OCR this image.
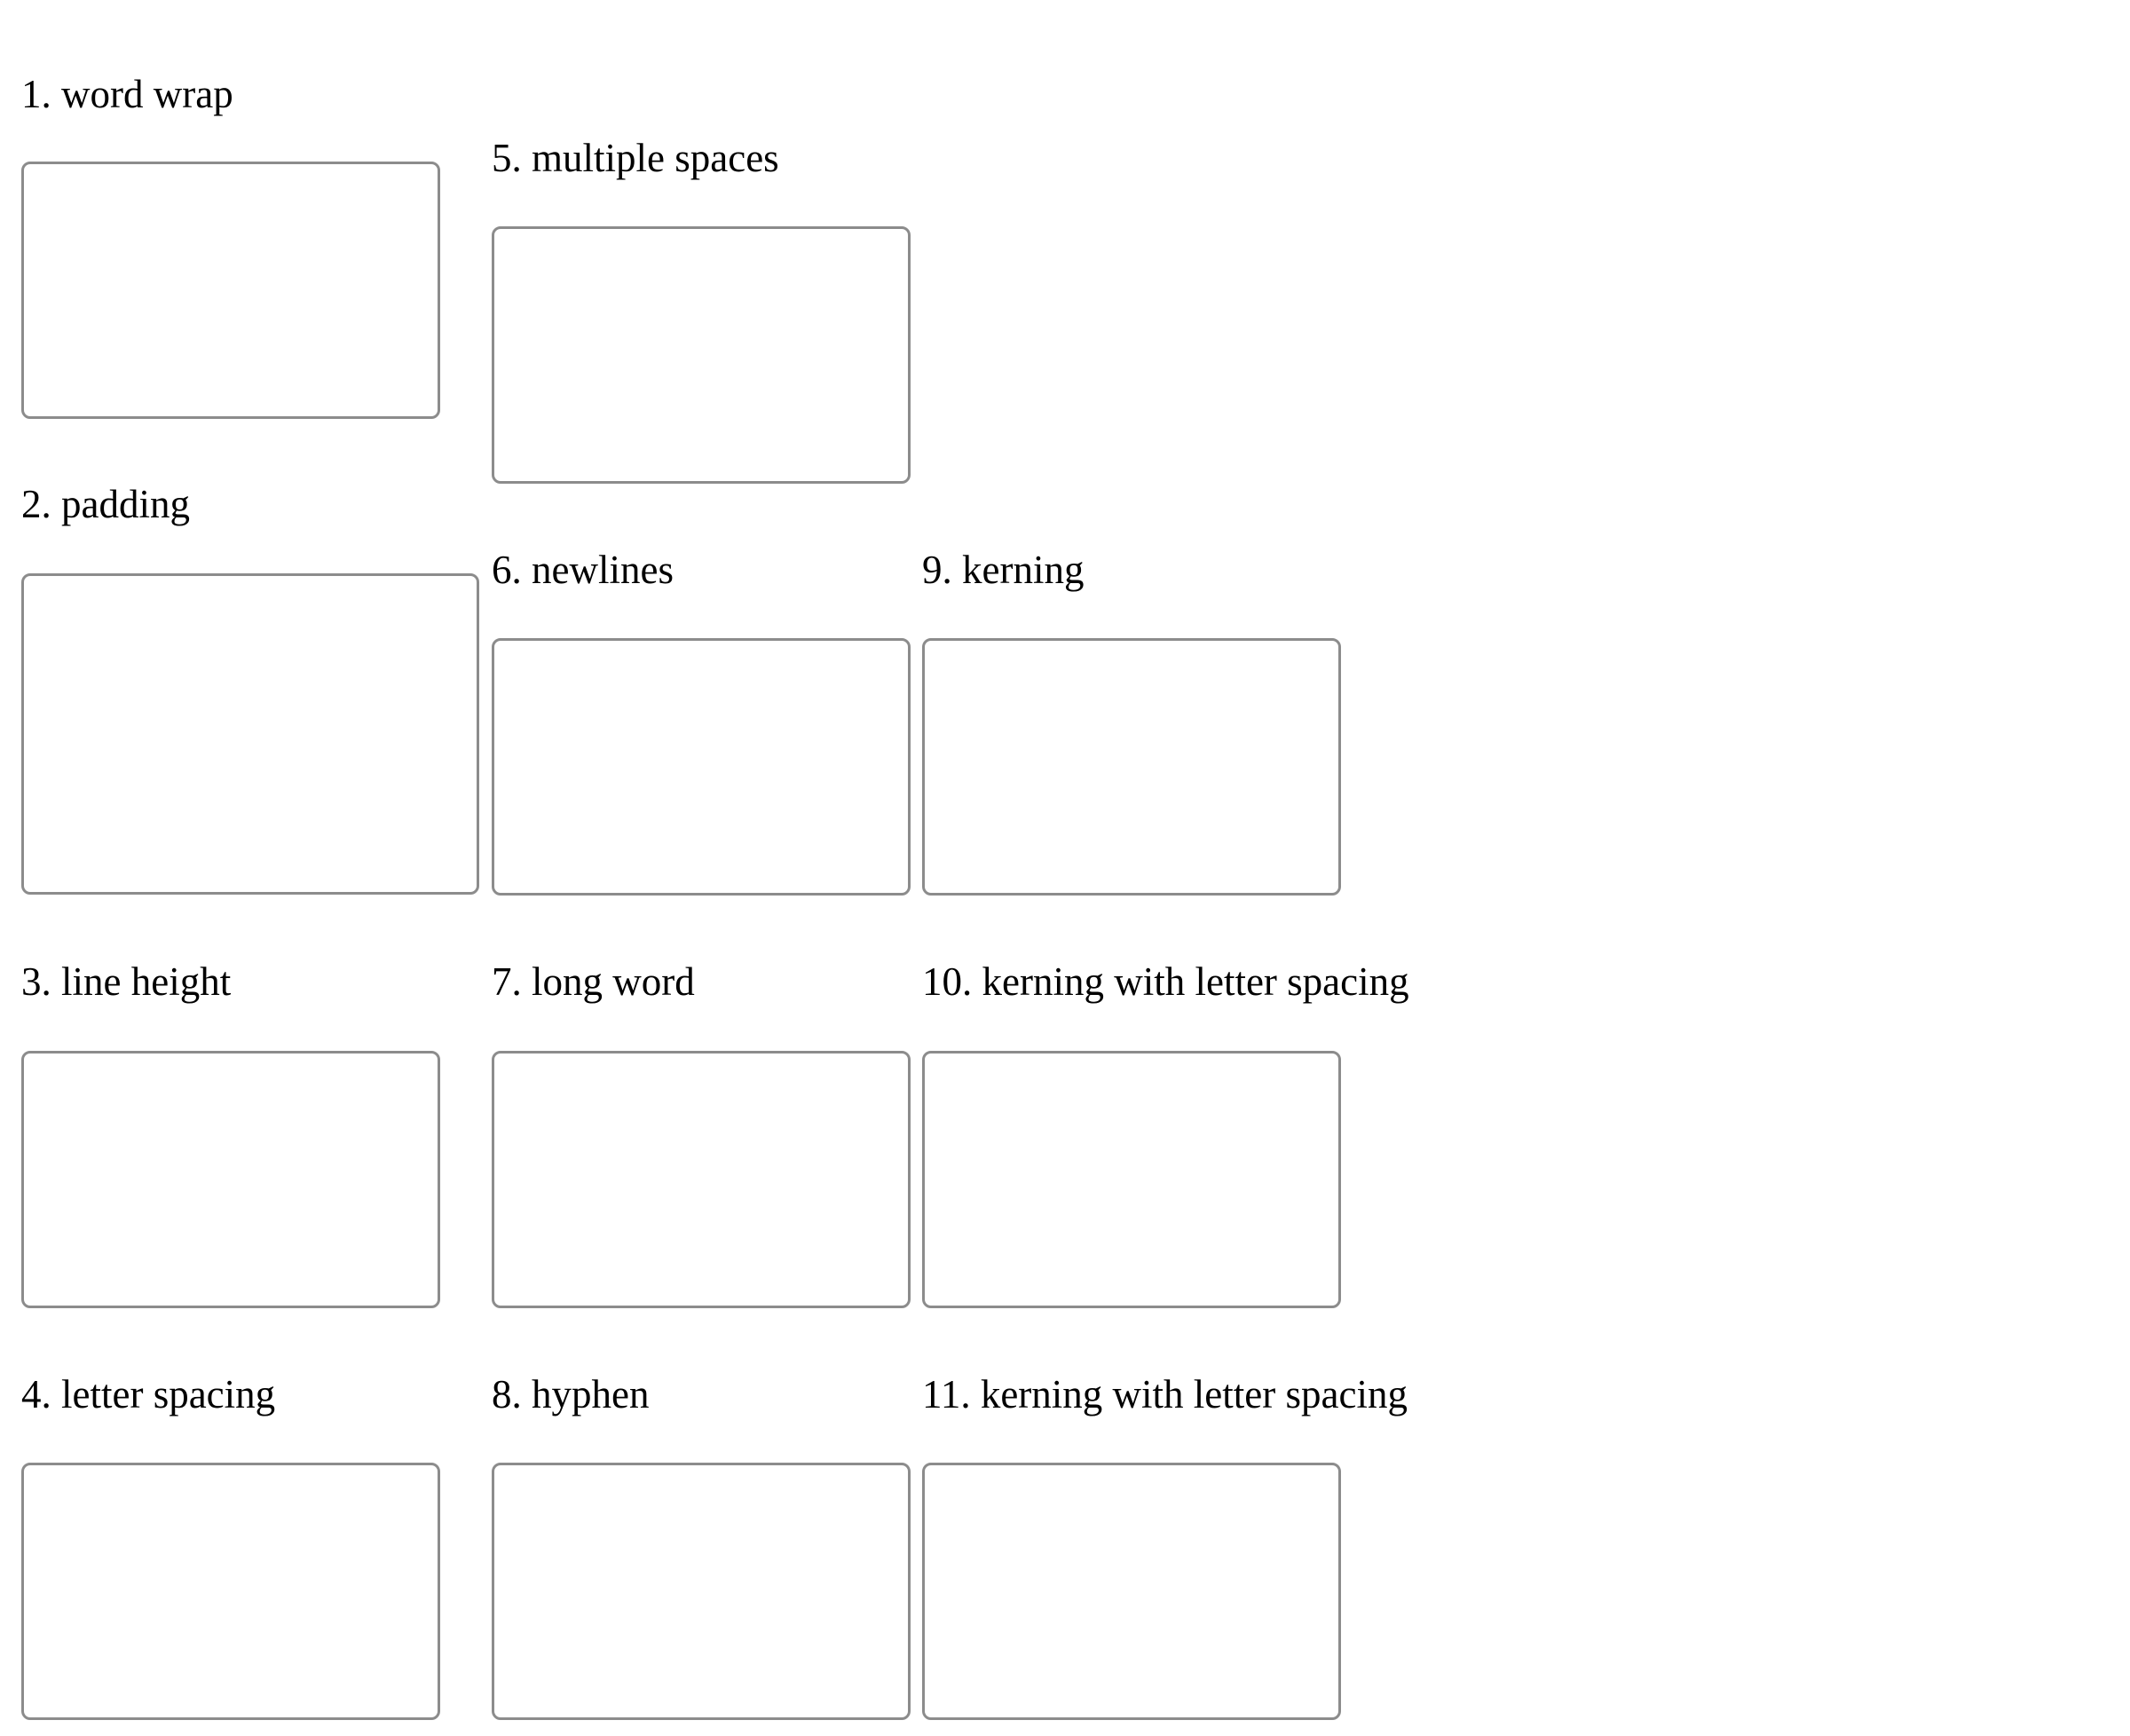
1. word wrap
2. padding
3. line height
4. letter spacing
5. multiple spaces
6. newlines
7. long word
8. hyphen
9. kerning
10. kerning with letter spacing
11. kerning with letter spacing
